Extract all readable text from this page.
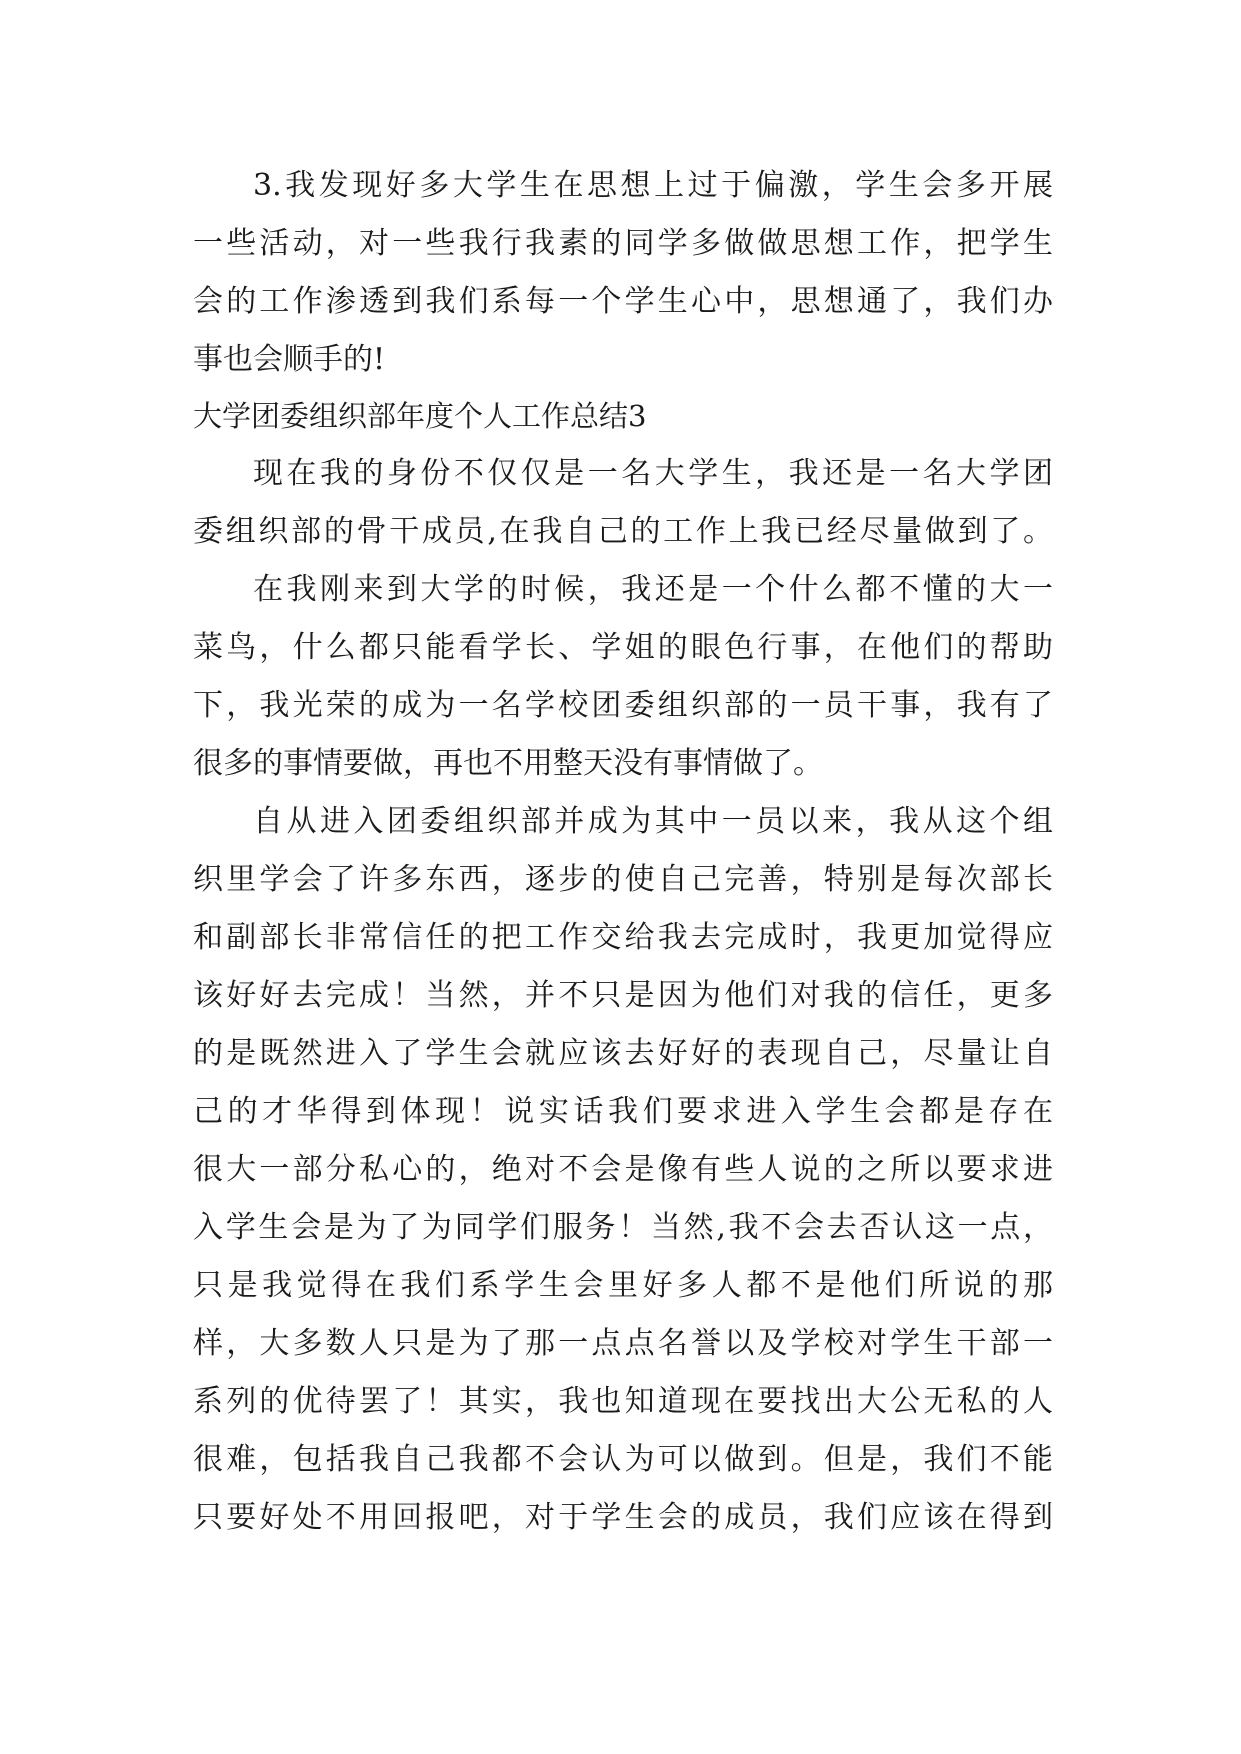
3.我发现好多大学生在思想上过于偏激，学生会多开展

一些活动，对一些我行我素的同学多做做思想工作，把学生

会的工作渗透到我们系每一个学生心中，思想通了，我们办

事也会顺手的!

大学团委组织部年度个人工作总结3

现在我的身份不仅仅是一名大学生，我还是一名大学团

委组织部的骨干成员,在我自己的工作上我已经尽量做到了。

在我刚来到大学的时候，我还是一个什么都不懂的大一

菜鸟，什么都只能看学长、学姐的眼色行事，在他们的帮助

下，我光荣的成为一名学校团委组织部的一员干事，我有了

很多的事情要做，再也不用整天没有事情做了。

自从进入团委组织部并成为其中一员以来，我从这个组

织里学会了许多东西，逐步的使自己完善，特别是每次部长

和副部长非常信任的把工作交给我去完成时，我更加觉得应

该好好去完成！当然，并不只是因为他们对我的信任，更多

的是既然进入了学生会就应该去好好的表现自己，尽量让自

己的才华得到体现！说实话我们要求进入学生会都是存在

很大一部分私心的，绝对不会是像有些人说的之所以要求进

入学生会是为了为同学们服务！当然,我不会去否认这一点，

只是我觉得在我们系学生会里好多人都不是他们所说的那

样，大多数人只是为了那一点点名誉以及学校对学生干部一

系列的优待罢了！其实，我也知道现在要找出大公无私的人

很难，包括我自己我都不会认为可以做到。但是，我们不能

只要好处不用回报吧，对于学生会的成员，我们应该在得到
